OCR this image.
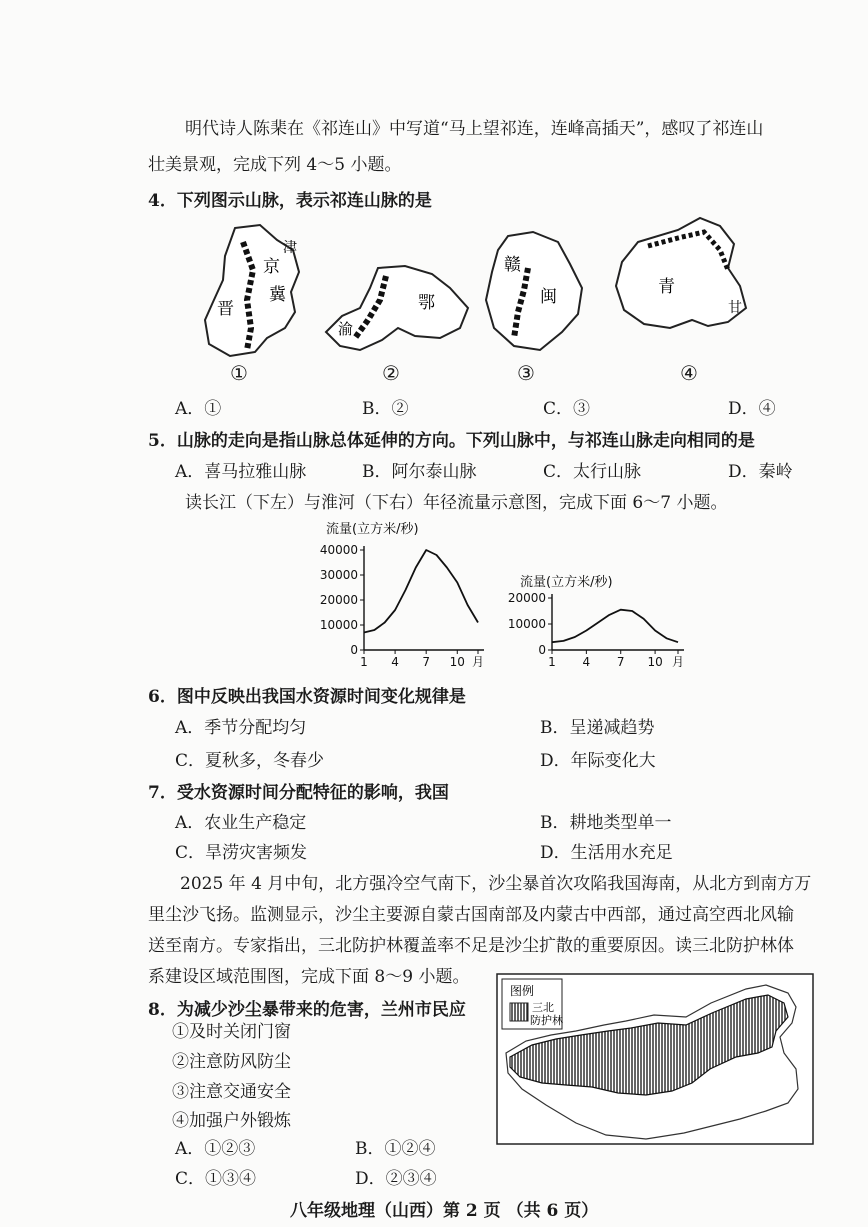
明代诗人陈棐在《祁连山》中写道“马上望祁连，连峰高插天”，感叹了祁连山
壮美景观，完成下列 4～5 小题。
4．下列图示山脉，表示祁连山脉的是
京
津
冀
晋	鄂
渝
赣
闽	青
甘
①	②	③	④
A．①	B．②	C．③	D．④
5．山脉的走向是指山脉总体延伸的方向。下列山脉中，与祁连山脉走向相同的是
A．喜马拉雅山脉	B．阿尔泰山脉	C．太行山脉	D．秦岭
读长江（下左）与淮河（下右）年径流量示意图，完成下面 6～7 小题。
流量(立方米/秒)
0
10000
20000
30000
40000
1 4 7 10 月
流量(立方米/秒)
0
10000
20000
1 4 7 10 月
6．图中反映出我国水资源时间变化规律是
A．季节分配均匀	B．呈递减趋势
C．夏秋多，冬春少	D．年际变化大
7．受水资源时间分配特征的影响，我国
A．农业生产稳定	B．耕地类型单一
C．旱涝灾害频发	D．生活用水充足
2025 年 4 月中旬，北方强冷空气南下，沙尘暴首次攻陷我国海南，从北方到南方万
里尘沙飞扬。监测显示，沙尘主要源自蒙古国南部及内蒙古中西部，通过高空西北风输
送至南方。专家指出，三北防护林覆盖率不足是沙尘扩散的重要原因。读三北防护林体
系建设区域范围图，完成下面 8～9 小题。
8．为减少沙尘暴带来的危害，兰州市民应
①及时关闭门窗
②注意防风防尘
③注意交通安全
④加强户外锻炼
A．①②③	B．①②④
C．①③④	D．②③④
图例
三北
防护林
八年级地理（山西）第 2 页 （共 6 页）
